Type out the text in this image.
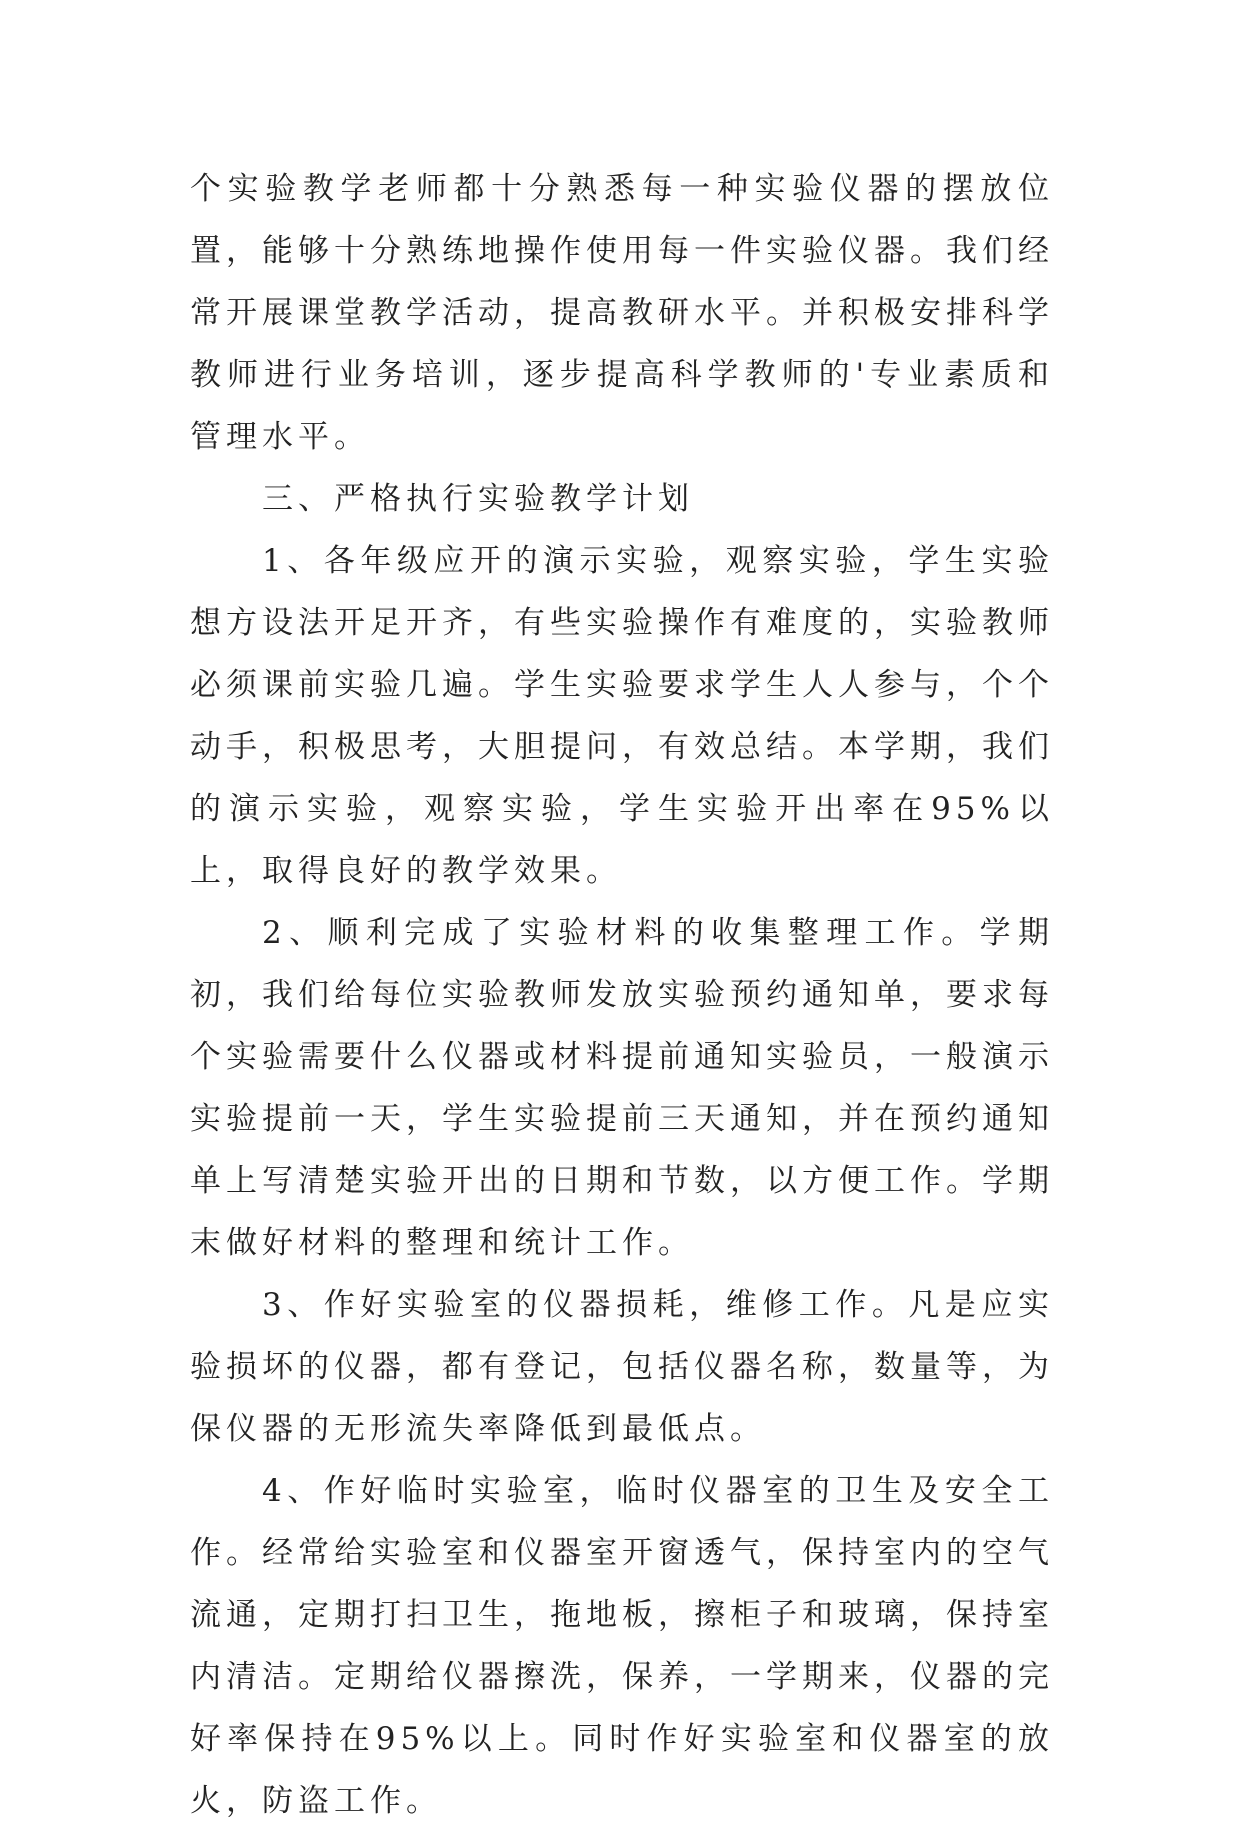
个实验教学老师都十分熟悉每一种实验仪器的摆放位置，能够十分熟练地操作使用每一件实验仪器。我们经常开展课堂教学活动，提高教研水平。并积极安排科学教师进行业务培训，逐步提高科学教师的'专业素质和管理水平。

三、严格执行实验教学计划

1、各年级应开的演示实验，观察实验，学生实验想方设法开足开齐，有些实验操作有难度的，实验教师必须课前实验几遍。学生实验要求学生人人参与，个个动手，积极思考，大胆提问，有效总结。本学期，我们的演示实验，观察实验，学生实验开出率在95%以上，取得良好的教学效果。

2、顺利完成了实验材料的收集整理工作。学期初，我们给每位实验教师发放实验预约通知单，要求每个实验需要什么仪器或材料提前通知实验员，一般演示实验提前一天，学生实验提前三天通知，并在预约通知单上写清楚实验开出的日期和节数，以方便工作。学期末做好材料的整理和统计工作。

3、作好实验室的仪器损耗，维修工作。凡是应实验损坏的仪器，都有登记，包括仪器名称，数量等，为保仪器的无形流失率降低到最低点。

4、作好临时实验室，临时仪器室的卫生及安全工作。经常给实验室和仪器室开窗透气，保持室内的空气流通，定期打扫卫生，拖地板，擦柜子和玻璃，保持室内清洁。定期给仪器擦洗，保养，一学期来，仪器的完好率保持在95%以上。同时作好实验室和仪器室的放火，防盗工作。
